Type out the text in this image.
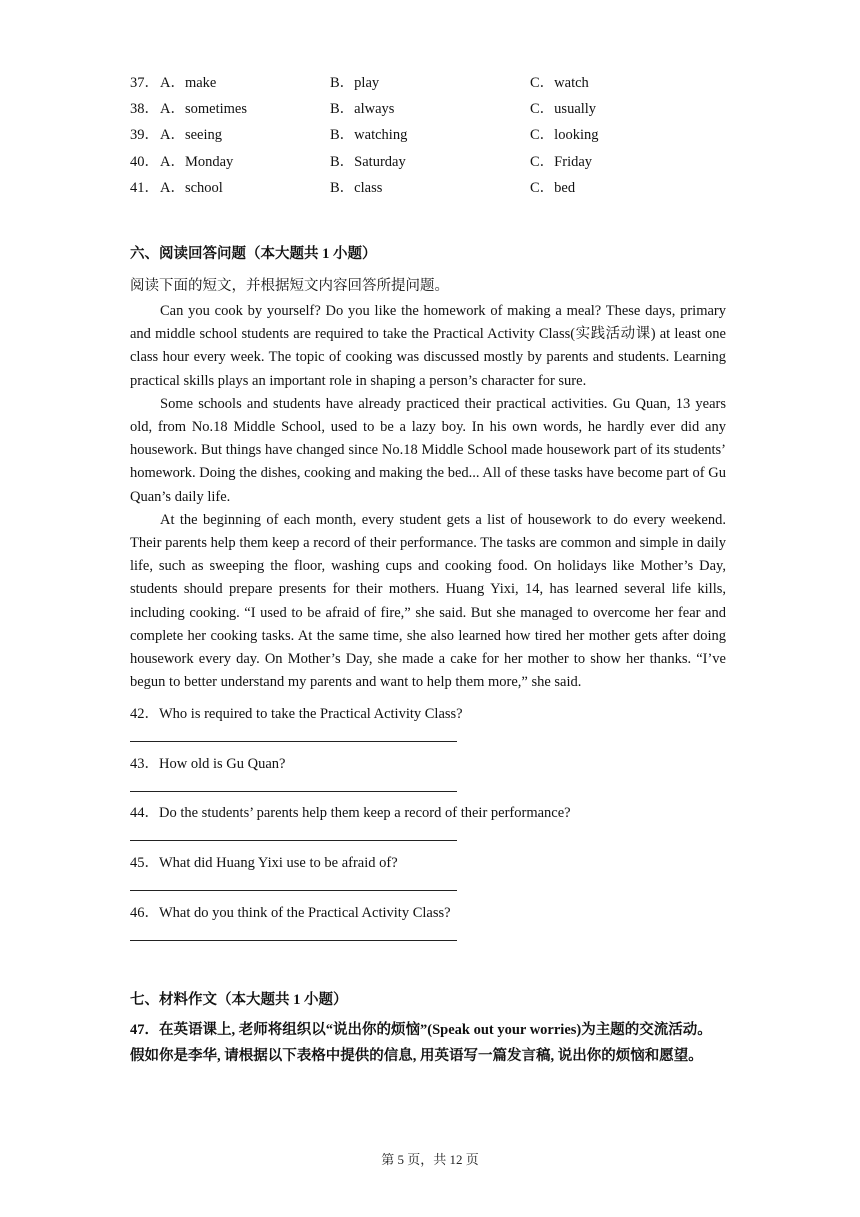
37． A．make	B．play	C．watch
38． A．sometimes	B．always	C．usually
39． A．seeing	B．watching	C．looking
40． A．Monday	B．Saturday	C．Friday
41． A．school	B．class	C．bed
六、阅读回答问题（本大题共 1 小题）
阅读下面的短文，并根据短文内容回答所提问题。

Can you cook by yourself? Do you like the homework of making a meal? These days, primary and middle school students are required to take the Practical Activity Class(实践活动课) at least one class hour every week. The topic of cooking was discussed mostly by parents and students. Learning practical skills plays an important role in shaping a person’s character for sure.

Some schools and students have already practiced their practical activities. Gu Quan, 13 years old, from No.18 Middle School, used to be a lazy boy. In his own words, he hardly ever did any housework. But things have changed since No.18 Middle School made housework part of its students’ homework. Doing the dishes, cooking and making the bed... All of these tasks have become part of Gu Quan’s daily life.

At the beginning of each month, every student gets a list of housework to do every weekend. Their parents help them keep a record of their performance. The tasks are common and simple in daily life, such as sweeping the floor, washing cups and cooking food. On holidays like Mother’s Day, students should prepare presents for their mothers. Huang Yixi, 14, has learned several life kills, including cooking. “I used to be afraid of fire,” she said. But she managed to overcome her fear and complete her cooking tasks. At the same time, she also learned how tired her mother gets after doing housework every day. On Mother’s Day, she made a cake for her mother to show her thanks. “I’ve begun to better understand my parents and want to help them more,” she said.

42．Who is required to take the Practical Activity Class?
43．How old is Gu Quan?
44．Do the students’ parents help them keep a record of their performance?
45．What did Huang Yixi use to be afraid of?
46．What do you think of the Practical Activity Class?
七、材料作文（本大题共 1 小题）

47．在英语课上, 老师将组织以“说出你的烦恼”(Speak out your worries)为主题的交流活动。

假如你是李华, 请根据以下表格中提供的信息, 用英语写一篇发言稿, 说出你的烦恼和愿望。

第 5 页，共 12 页
